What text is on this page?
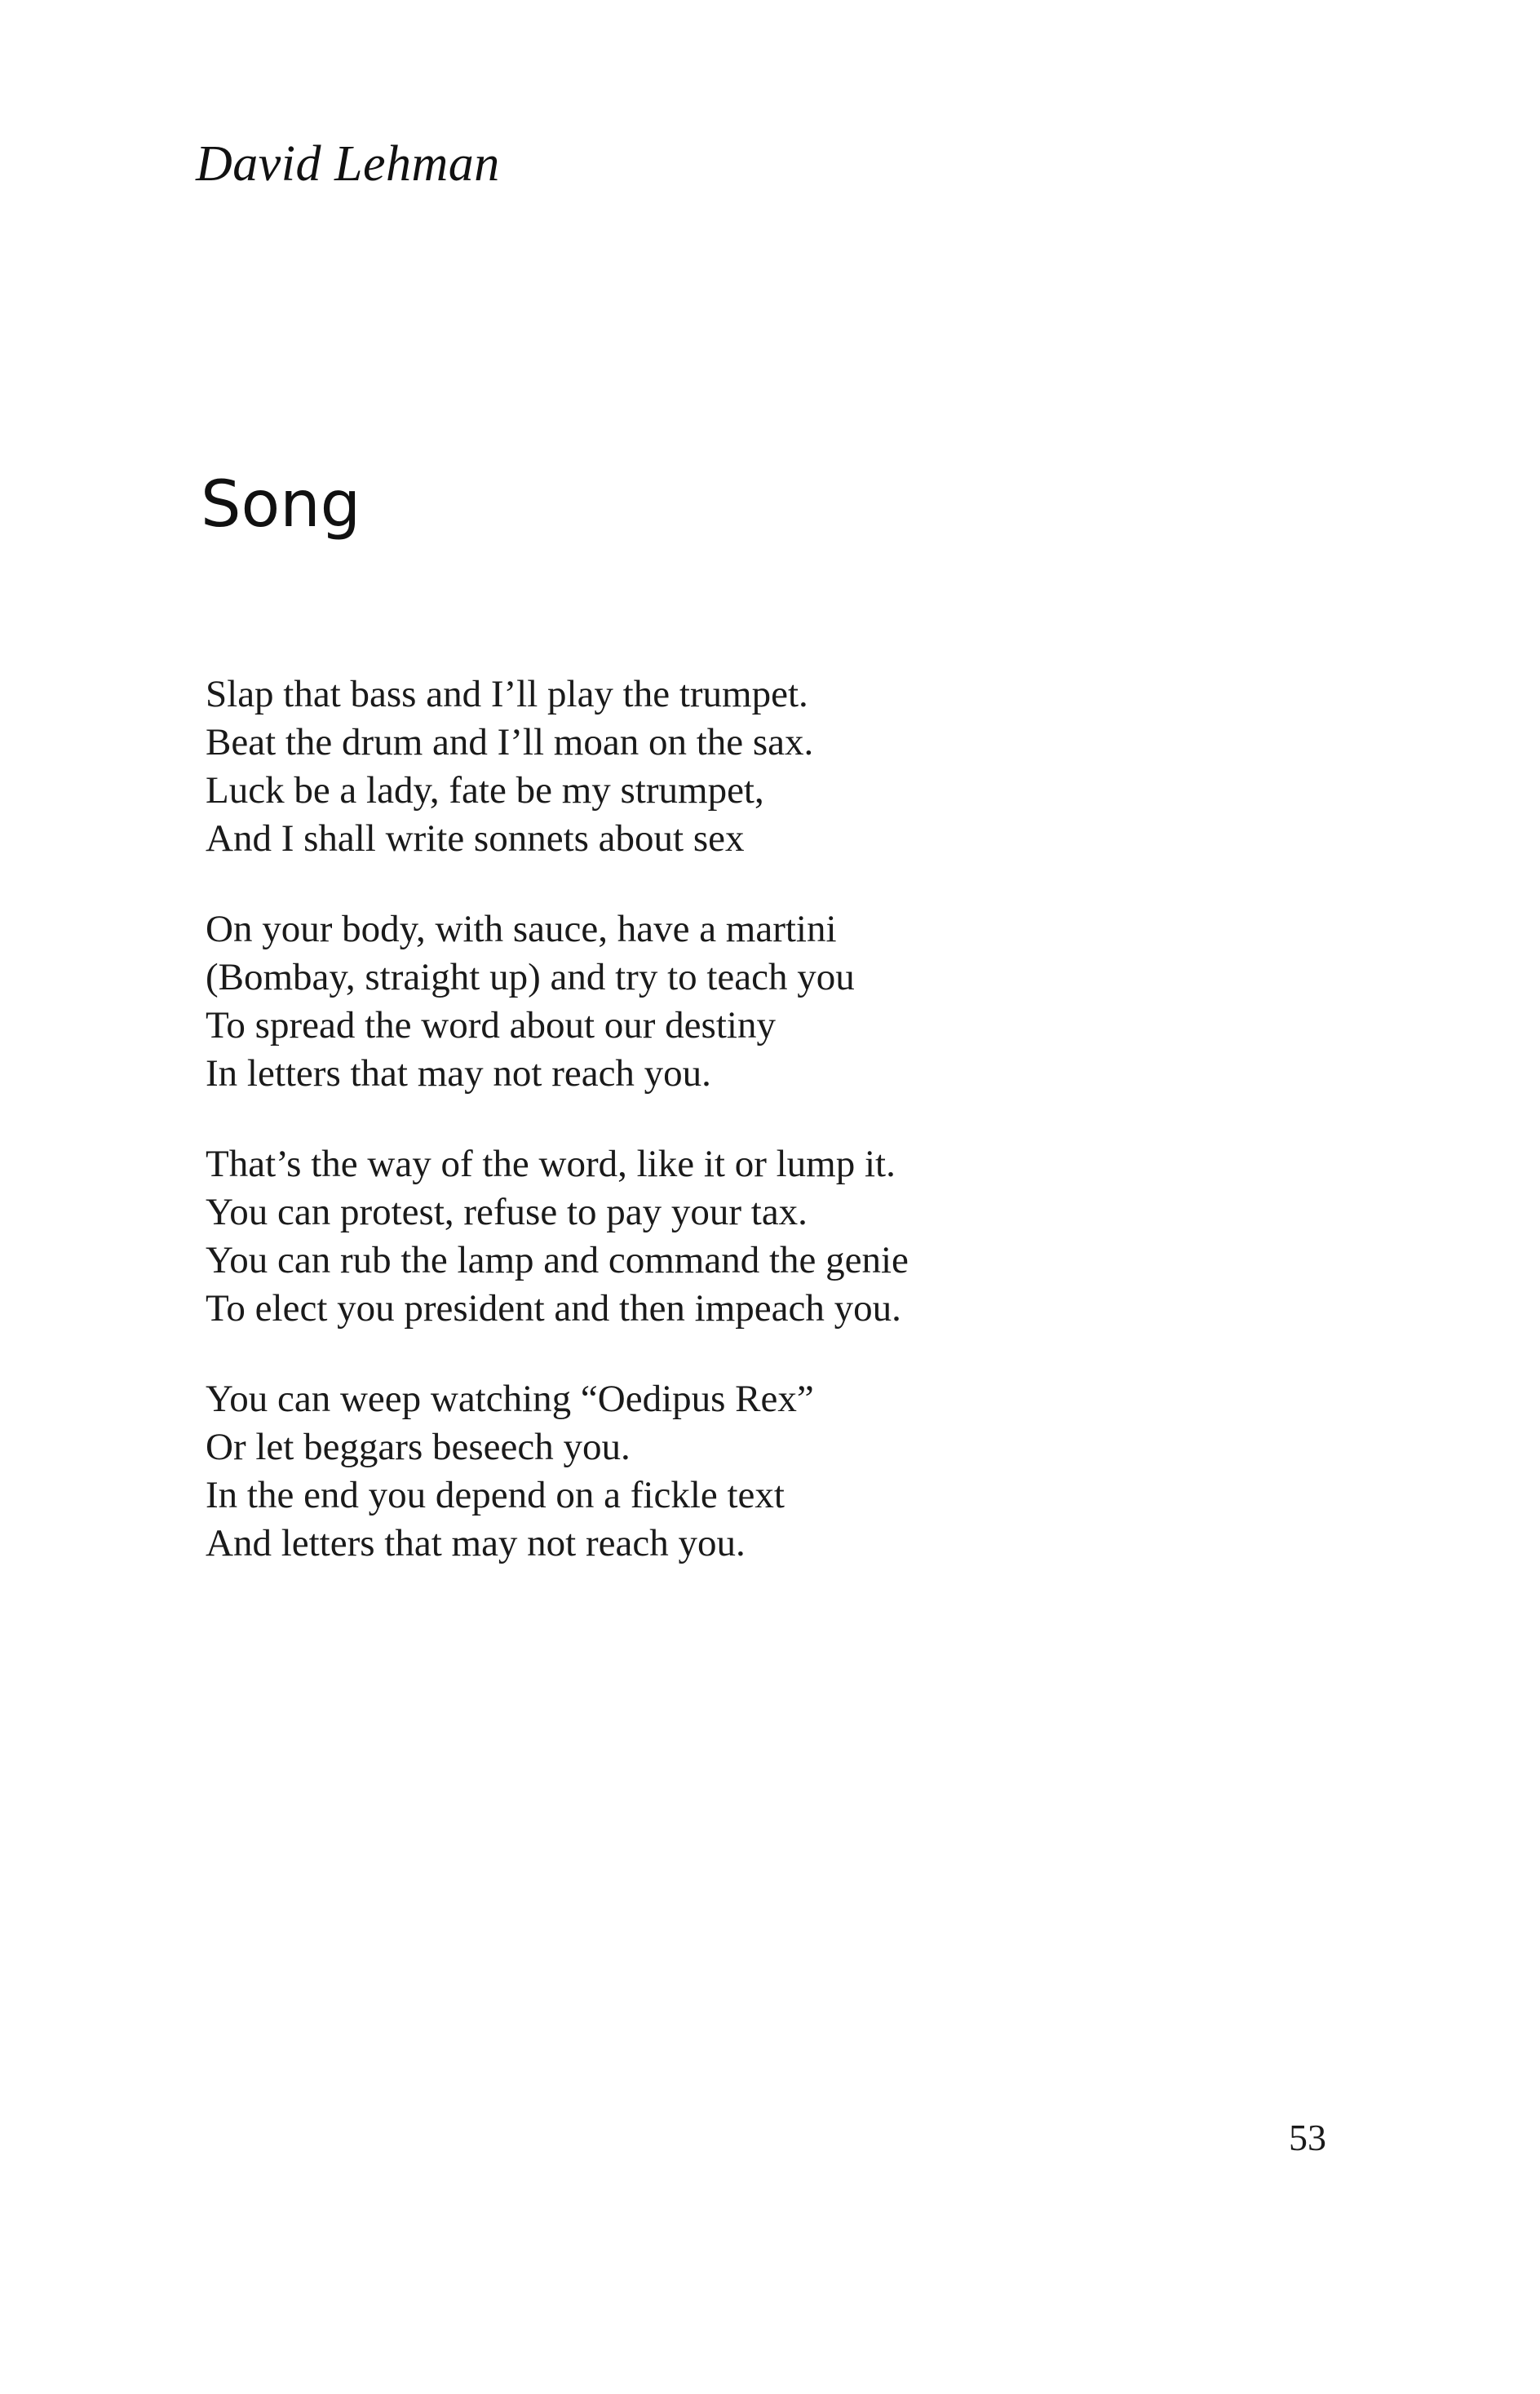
David Lehman
Song
Slap that bass and I’ll play the trumpet.
Beat the drum and I’ll moan on the sax.
Luck be a lady, fate be my strumpet,
And I shall write sonnets about sex
On your body, with sauce, have a martini
(Bombay, straight up) and try to teach you
To spread the word about our destiny
In letters that may not reach you.
That’s the way of the word, like it or lump it.
You can protest, refuse to pay your tax.
You can rub the lamp and command the genie
To elect you president and then impeach you.
You can weep watching “Oedipus Rex”
Or let beggars beseech you.
In the end you depend on a fickle text
And letters that may not reach you.
53
